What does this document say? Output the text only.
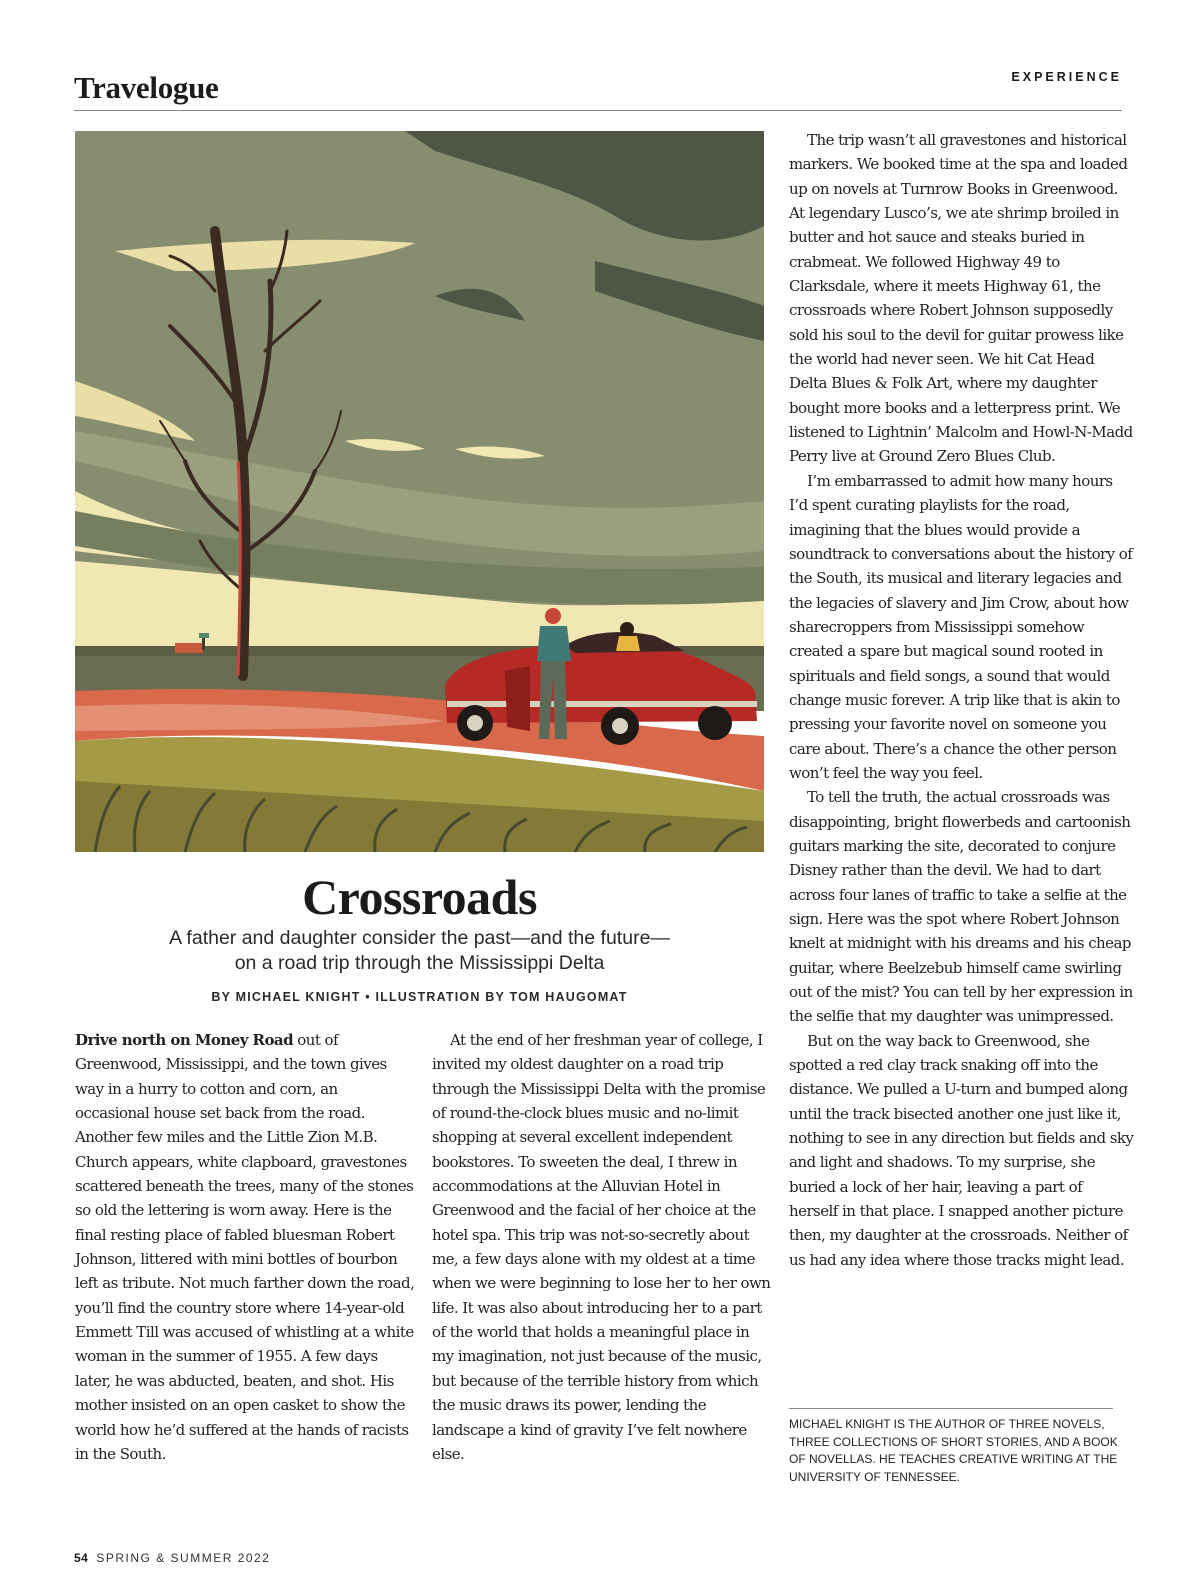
Travelogue	EXPERIENCE
Crossroads
A father and daughter consider the past—and the future—
on a road trip through the Mississippi Delta
BY MICHAEL KNIGHT • ILLUSTRATION BY TOM HAUGOMAT

Drive north on Money Road out of Greenwood, Mississippi, and the town gives way in a hurry to cotton and corn, an occasional house set back from the road. Another few miles and the Little Zion M.B. Church appears, white clapboard, gravestones scattered beneath the trees, many of the stones so old the lettering is worn away. Here is the final resting place of fabled bluesman Robert Johnson, littered with mini bottles of bourbon left as tribute. Not much farther down the road, you’ll find the country store where 14-year-old Emmett Till was accused of whistling at a white woman in the summer of 1955. A few days later, he was abducted, beaten, and shot. His mother insisted on an open casket to show the world how he’d suffered at the hands of racists in the South.

At the end of her freshman year of college, I invited my oldest daughter on a road trip through the Mississippi Delta with the promise of round-the-clock blues music and no-limit shopping at several excellent independent bookstores. To sweeten the deal, I threw in accommodations at the Alluvian Hotel in Greenwood and the facial of her choice at the hotel spa. This trip was not-so-secretly about me, a few days alone with my oldest at a time when we were beginning to lose her to her own life. It was also about introducing her to a part of the world that holds a meaningful place in my imagination, not just because of the music, but because of the terrible history from which the music draws its power, lending the landscape a kind of gravity I’ve felt nowhere else.

The trip wasn’t all gravestones and historical markers. We booked time at the spa and loaded up on novels at Turnrow Books in Greenwood. At legendary Lusco’s, we ate shrimp broiled in butter and hot sauce and steaks buried in crabmeat. We followed Highway 49 to Clarksdale, where it meets Highway 61, the crossroads where Robert Johnson supposedly sold his soul to the devil for guitar prowess like the world had never seen. We hit Cat Head Delta Blues & Folk Art, where my daughter bought more books and a letterpress print. We listened to Lightnin’ Malcolm and Howl-N-Madd Perry live at Ground Zero Blues Club.

I’m embarrassed to admit how many hours I’d spent curating playlists for the road, imagining that the blues would provide a soundtrack to conversations about the history of the South, its musical and literary legacies and the legacies of slavery and Jim Crow, about how sharecroppers from Mississippi somehow created a spare but magical sound rooted in spirituals and field songs, a sound that would change music forever. A trip like that is akin to pressing your favorite novel on someone you care about. There’s a chance the other person won’t feel the way you feel.

To tell the truth, the actual crossroads was disappointing, bright flowerbeds and cartoonish guitars marking the site, decorated to conjure Disney rather than the devil. We had to dart across four lanes of traffic to take a selfie at the sign. Here was the spot where Robert Johnson knelt at midnight with his dreams and his cheap guitar, where Beelzebub himself came swirling out of the mist? You can tell by her expression in the selfie that my daughter was unimpressed.

But on the way back to Greenwood, she spotted a red clay track snaking off into the distance. We pulled a U-turn and bumped along until the track bisected another one just like it, nothing to see in any direction but fields and sky and light and shadows. To my surprise, she buried a lock of her hair, leaving a part of herself in that place. I snapped another picture then, my daughter at the crossroads. Neither of us had any idea where those tracks might lead.

MICHAEL KNIGHT IS THE AUTHOR OF THREE NOVELS, THREE COLLECTIONS OF SHORT STORIES, AND A BOOK OF NOVELLAS. HE TEACHES CREATIVE WRITING AT THE UNIVERSITY OF TENNESSEE.
54 SPRING & SUMMER 2022
